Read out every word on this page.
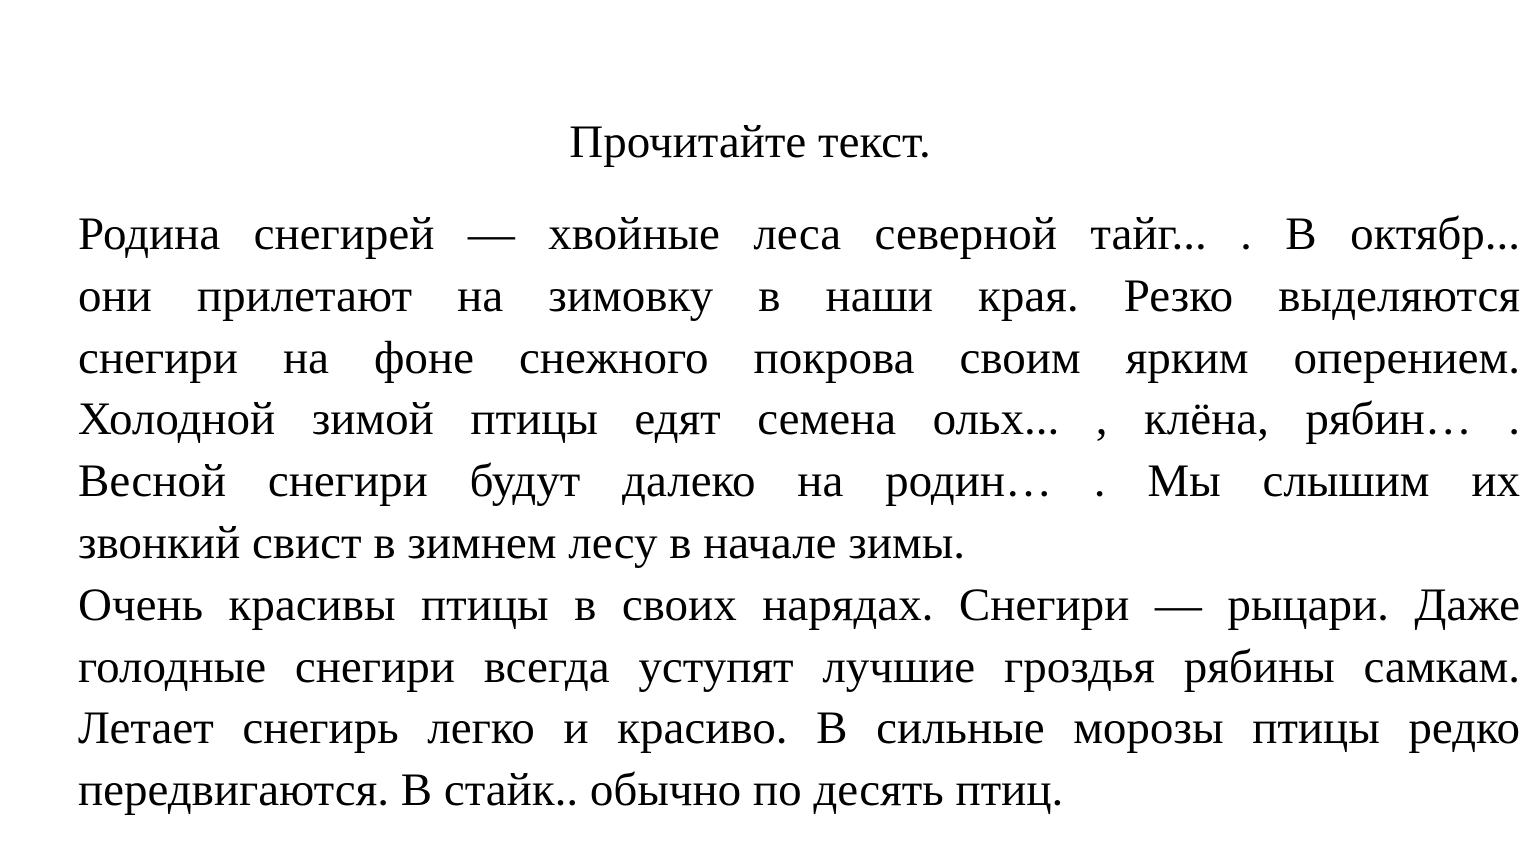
Прочитайте текст.
Родина снегирей — хвойные леса северной тайг... . В октябр...
они прилетают на зимовку в наши края. Резко выделяются
снегири на фоне снежного покрова своим ярким оперением.
Холодной зимой птицы едят семена ольх... , клёна, рябин… .
Весной снегири будут далеко на родин… . Мы слышим их
звонкий свист в зимнем лесу в начале зимы.
Очень красивы птицы в своих нарядах. Снегири — рыцари. Даже
голодные снегири всегда уступят лучшие гроздья рябины самкам.
Летает снегирь легко и красиво. В сильные морозы птицы редко
передвигаются. В стайк.. обычно по десять птиц.
